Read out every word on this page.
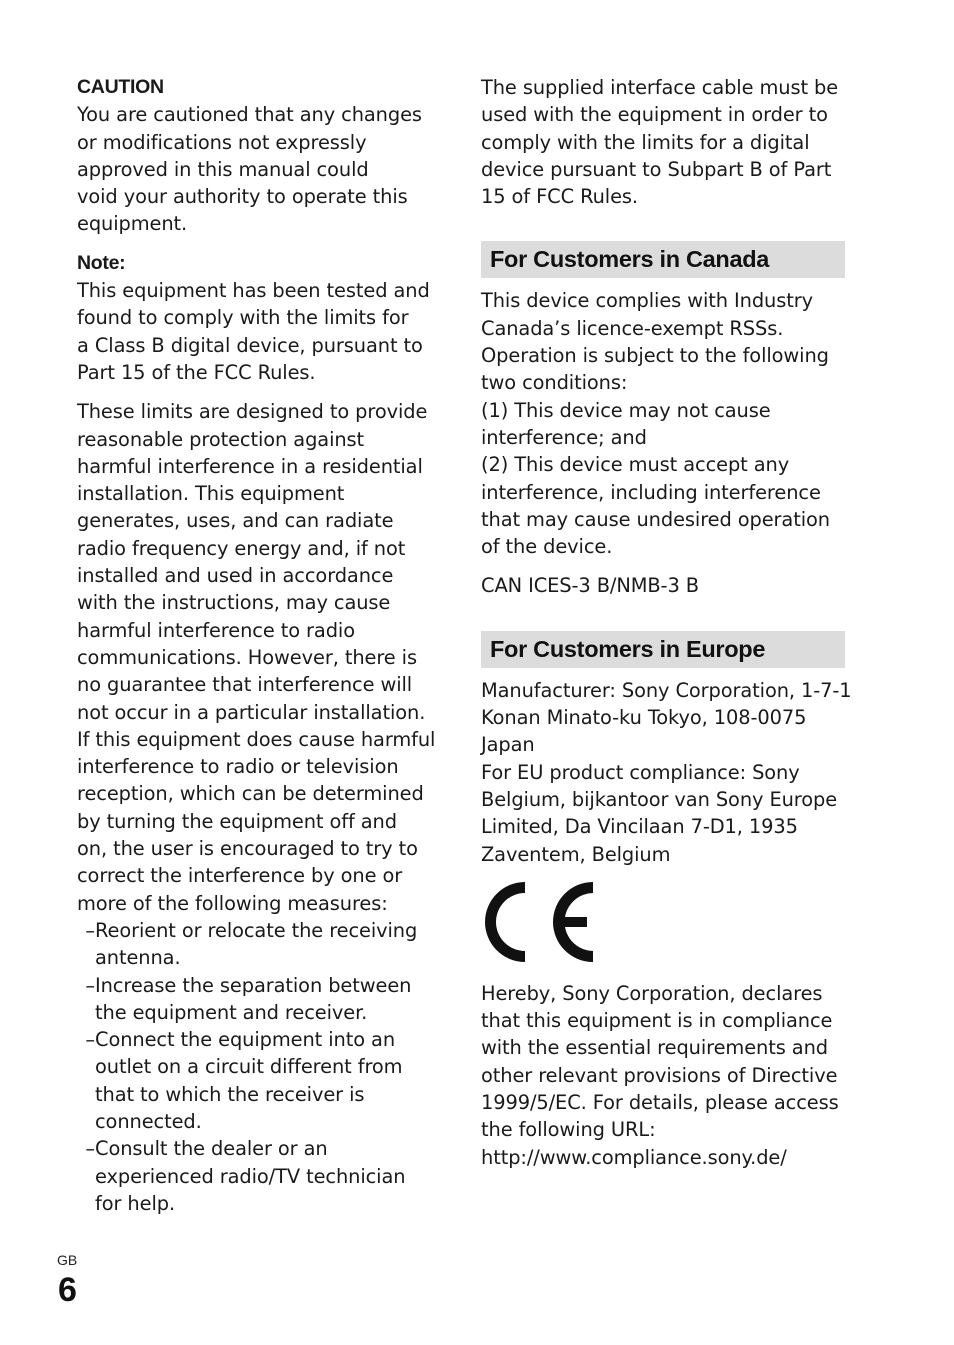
CAUTION

You are cautioned that any changes

or modifications not expressly

approved in this manual could

void your authority to operate this

equipment.

Note:

This equipment has been tested and

found to comply with the limits for

a Class B digital device, pursuant to

Part 15 of the FCC Rules.

These limits are designed to provide

reasonable protection against

harmful interference in a residential

installation. This equipment

generates, uses, and can radiate

radio frequency energy and, if not

installed and used in accordance

with the instructions, may cause

harmful interference to radio

communications. However, there is

no guarantee that interference will

not occur in a particular installation.

If this equipment does cause harmful

interference to radio or television

reception, which can be determined

by turning the equipment off and

on, the user is encouraged to try to

correct the interference by one or

more of the following measures:

– Reorient or relocate the receiving

antenna.

– Increase the separation between

the equipment and receiver.

– Connect the equipment into an

outlet on a circuit different from

that to which the receiver is

connected.

– Consult the dealer or an

experienced radio/TV technician

for help.

The supplied interface cable must be

used with the equipment in order to

comply with the limits for a digital

device pursuant to Subpart B of Part

15 of FCC Rules.

For Customers in Canada

This device complies with Industry

Canada’s licence-exempt RSSs.

Operation is subject to the following

two conditions:

(1) This device may not cause

interference; and

(2) This device must accept any

interference, including interference

that may cause undesired operation

of the device.

CAN ICES-3 B/NMB-3 B

For Customers in Europe

Manufacturer: Sony Corporation, 1-7-1

Konan Minato-ku Tokyo, 108-0075

Japan

For EU product compliance: Sony

Belgium, bijkantoor van Sony Europe

Limited, Da Vincilaan 7-D1, 1935

Zaventem, Belgium

Hereby, Sony Corporation, declares

that this equipment is in compliance

with the essential requirements and

other relevant provisions of Directive

1999/5/EC. For details, please access

the following URL:

http://www.compliance.sony.de/

GB
6
